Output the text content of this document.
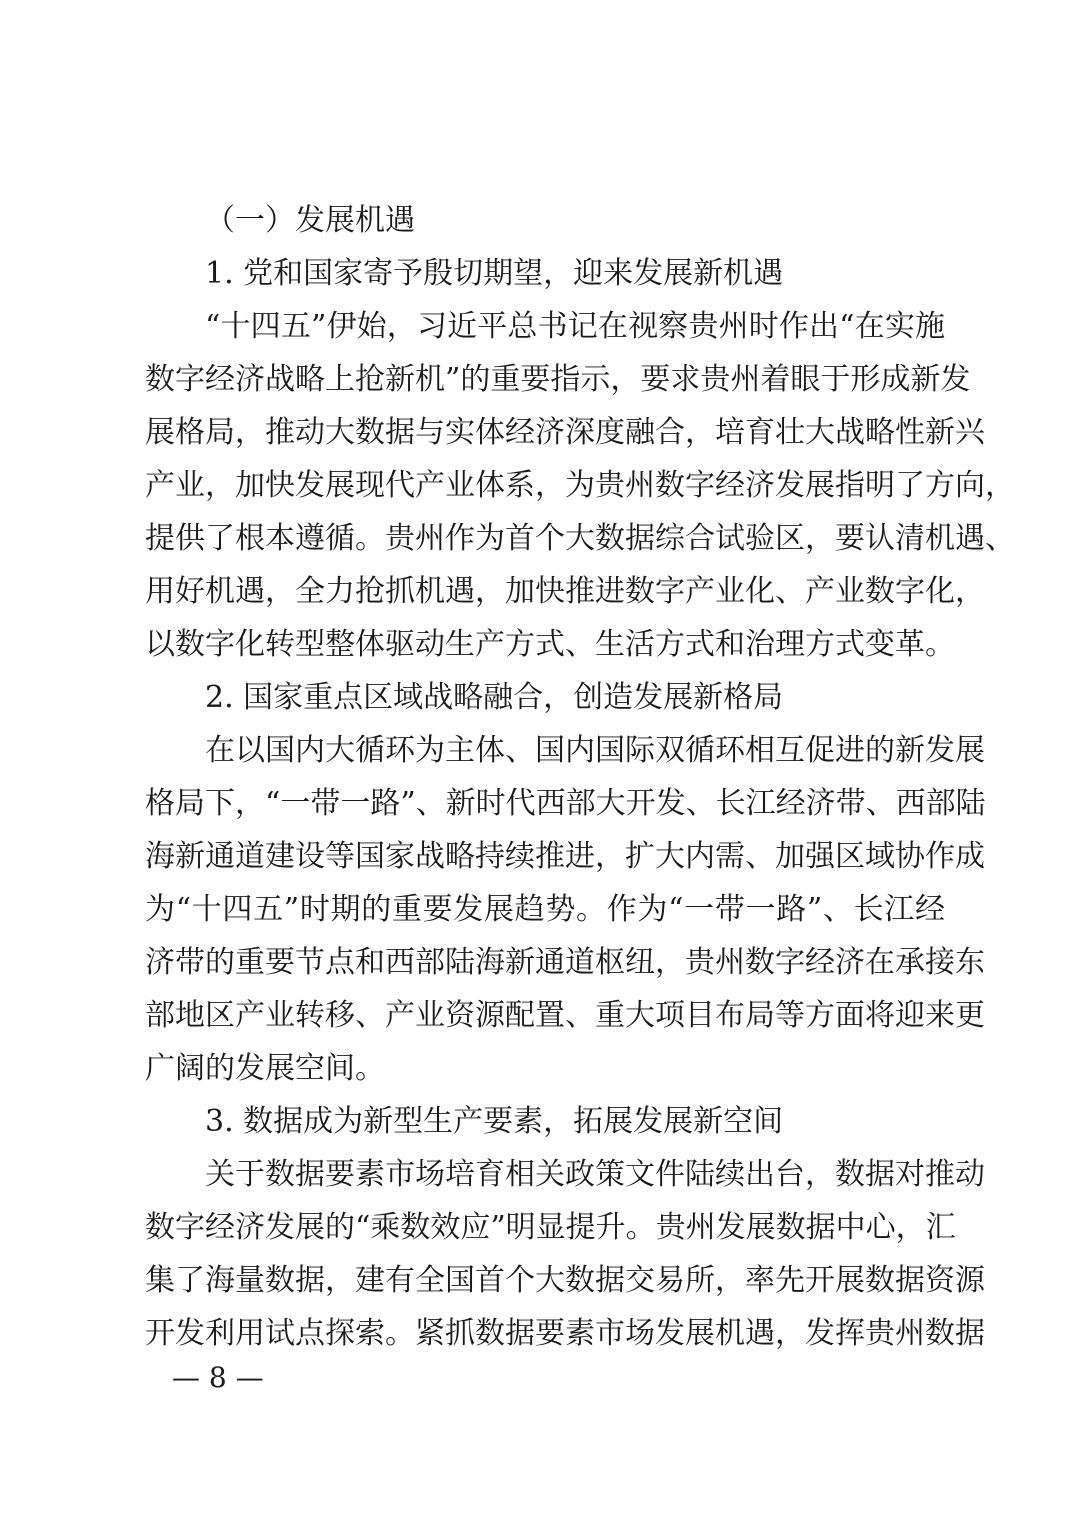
（一）发展机遇
1. 党和国家寄予殷切期望，迎来发展新机遇
“十四五”伊始，习近平总书记在视察贵州时作出“在实施
数字经济战略上抢新机”的重要指示，要求贵州着眼于形成新发
展格局，推动大数据与实体经济深度融合，培育壮大战略性新兴
产业，加快发展现代产业体系，为贵州数字经济发展指明了方向，
提供了根本遵循。贵州作为首个大数据综合试验区，要认清机遇、
用好机遇，全力抢抓机遇，加快推进数字产业化、产业数字化，
以数字化转型整体驱动生产方式、生活方式和治理方式变革。
2. 国家重点区域战略融合，创造发展新格局
在以国内大循环为主体、国内国际双循环相互促进的新发展
格局下，“一带一路”、新时代西部大开发、长江经济带、西部陆
海新通道建设等国家战略持续推进，扩大内需、加强区域协作成
为“十四五”时期的重要发展趋势。作为“一带一路”、长江经
济带的重要节点和西部陆海新通道枢纽，贵州数字经济在承接东
部地区产业转移、产业资源配置、重大项目布局等方面将迎来更
广阔的发展空间。
3. 数据成为新型生产要素，拓展发展新空间
关于数据要素市场培育相关政策文件陆续出台，数据对推动
数字经济发展的“乘数效应”明显提升。贵州发展数据中心，汇
集了海量数据，建有全国首个大数据交易所，率先开展数据资源
开发利用试点探索。紧抓数据要素市场发展机遇，发挥贵州数据
— 8 —
